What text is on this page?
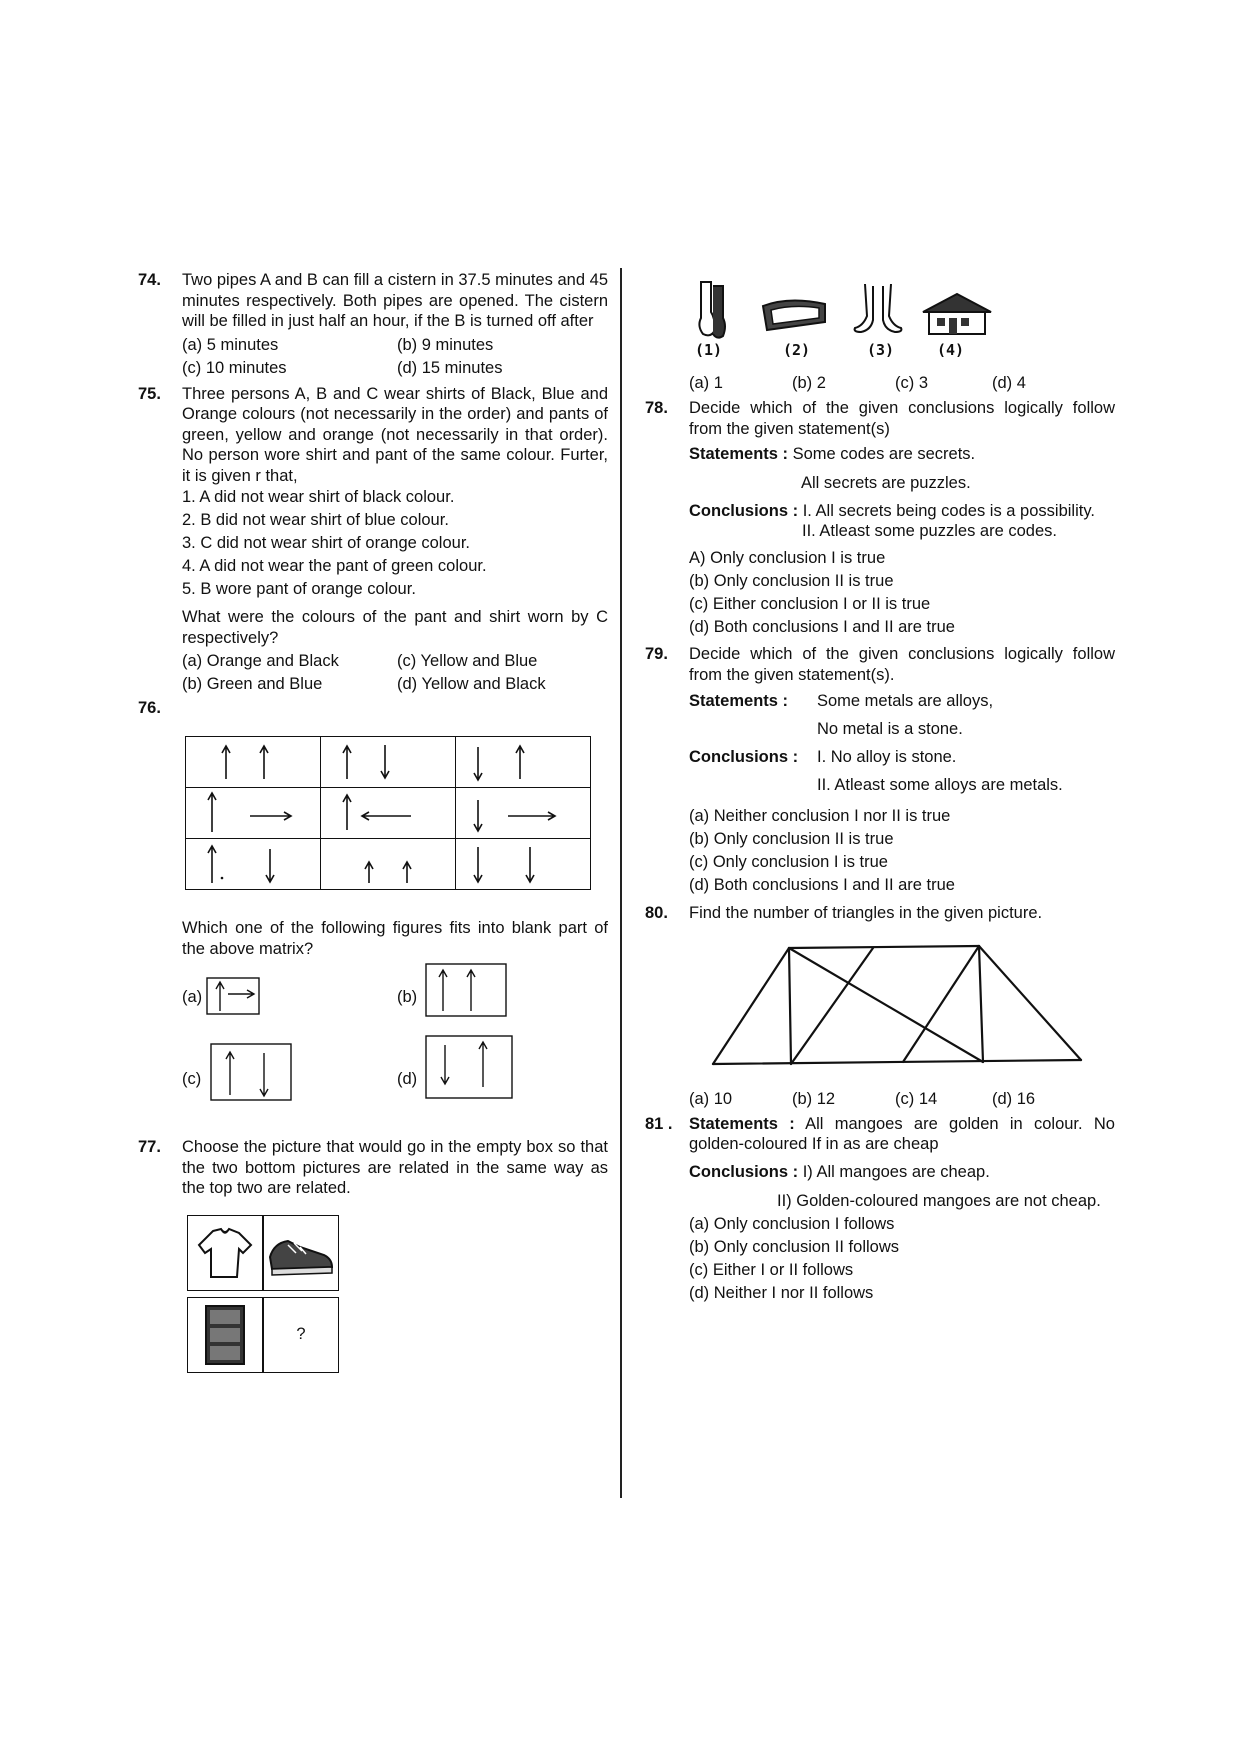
74. Two pipes A and B can fill a cistern in 37.5 minutes and 45 minutes respectively. Both pipes are opened. The cistern will be filled in just half an hour, if the B is turned off after
(a) 5 minutes	(b) 9 minutes
(c) 10 minutes	(d) 15 minutes
75. Three persons A, B and C wear shirts of Black, Blue and Orange colours (not necessarily in the order) and pants of green, yellow and orange (not necessarily in that order). No person wore shirt and pant of the same colour. Furter, it is given r that,
1. A did not wear shirt of black colour.
2. B did not wear shirt of blue colour.
3. C did not wear shirt of orange colour.
4. A did not wear the pant of green colour.
5. B wore pant of orange colour.
What were the colours of the pant and shirt worn by C respectively?
(a) Orange and Black	(c) Yellow and Blue
(b) Green and Blue	(d) Yellow and Black
76.

Which one of the following figures fits into blank part of the above matrix?
(a)	(b)
(c)	(d)
77. Choose the picture that would go in the empty box so that the two bottom pictures are related in the same way as the top two are related.
?
(1)	(2)	(3)	(4)
(a) 1	(b) 2	(c) 3	(d) 4
78. Decide which of the given conclusions logically follow from the given statement(s)
Statements : Some codes are secrets.
All secrets are puzzles.
Conclusions : I. All secrets being codes is a possibility.
II. Atleast some puzzles are codes.
A) Only conclusion I is true
(b) Only conclusion II is true
(c) Either conclusion I or II is true
(d) Both conclusions I and II are true
79. Decide which of the given conclusions logically follow from the given statement(s).
Statements : Some metals are alloys,
No metal is a stone.
Conclusions : I. No alloy is stone.
II. Atleast some alloys are metals.
(a) Neither conclusion I nor II is true
(b) Only conclusion II is true
(c) Only conclusion I is true
(d) Both conclusions I and II are true
80. Find the number of triangles in the given picture.
(a) 10	(b) 12	(c) 14	(d) 16
81 . Statements : All mangoes are golden in colour. No golden-coloured If in as are cheap
Conclusions : I) All mangoes are cheap.
II) Golden-coloured mangoes are not cheap.
(a) Only conclusion I follows
(b) Only conclusion II follows
(c) Either I or II follows
(d) Neither I nor II follows
